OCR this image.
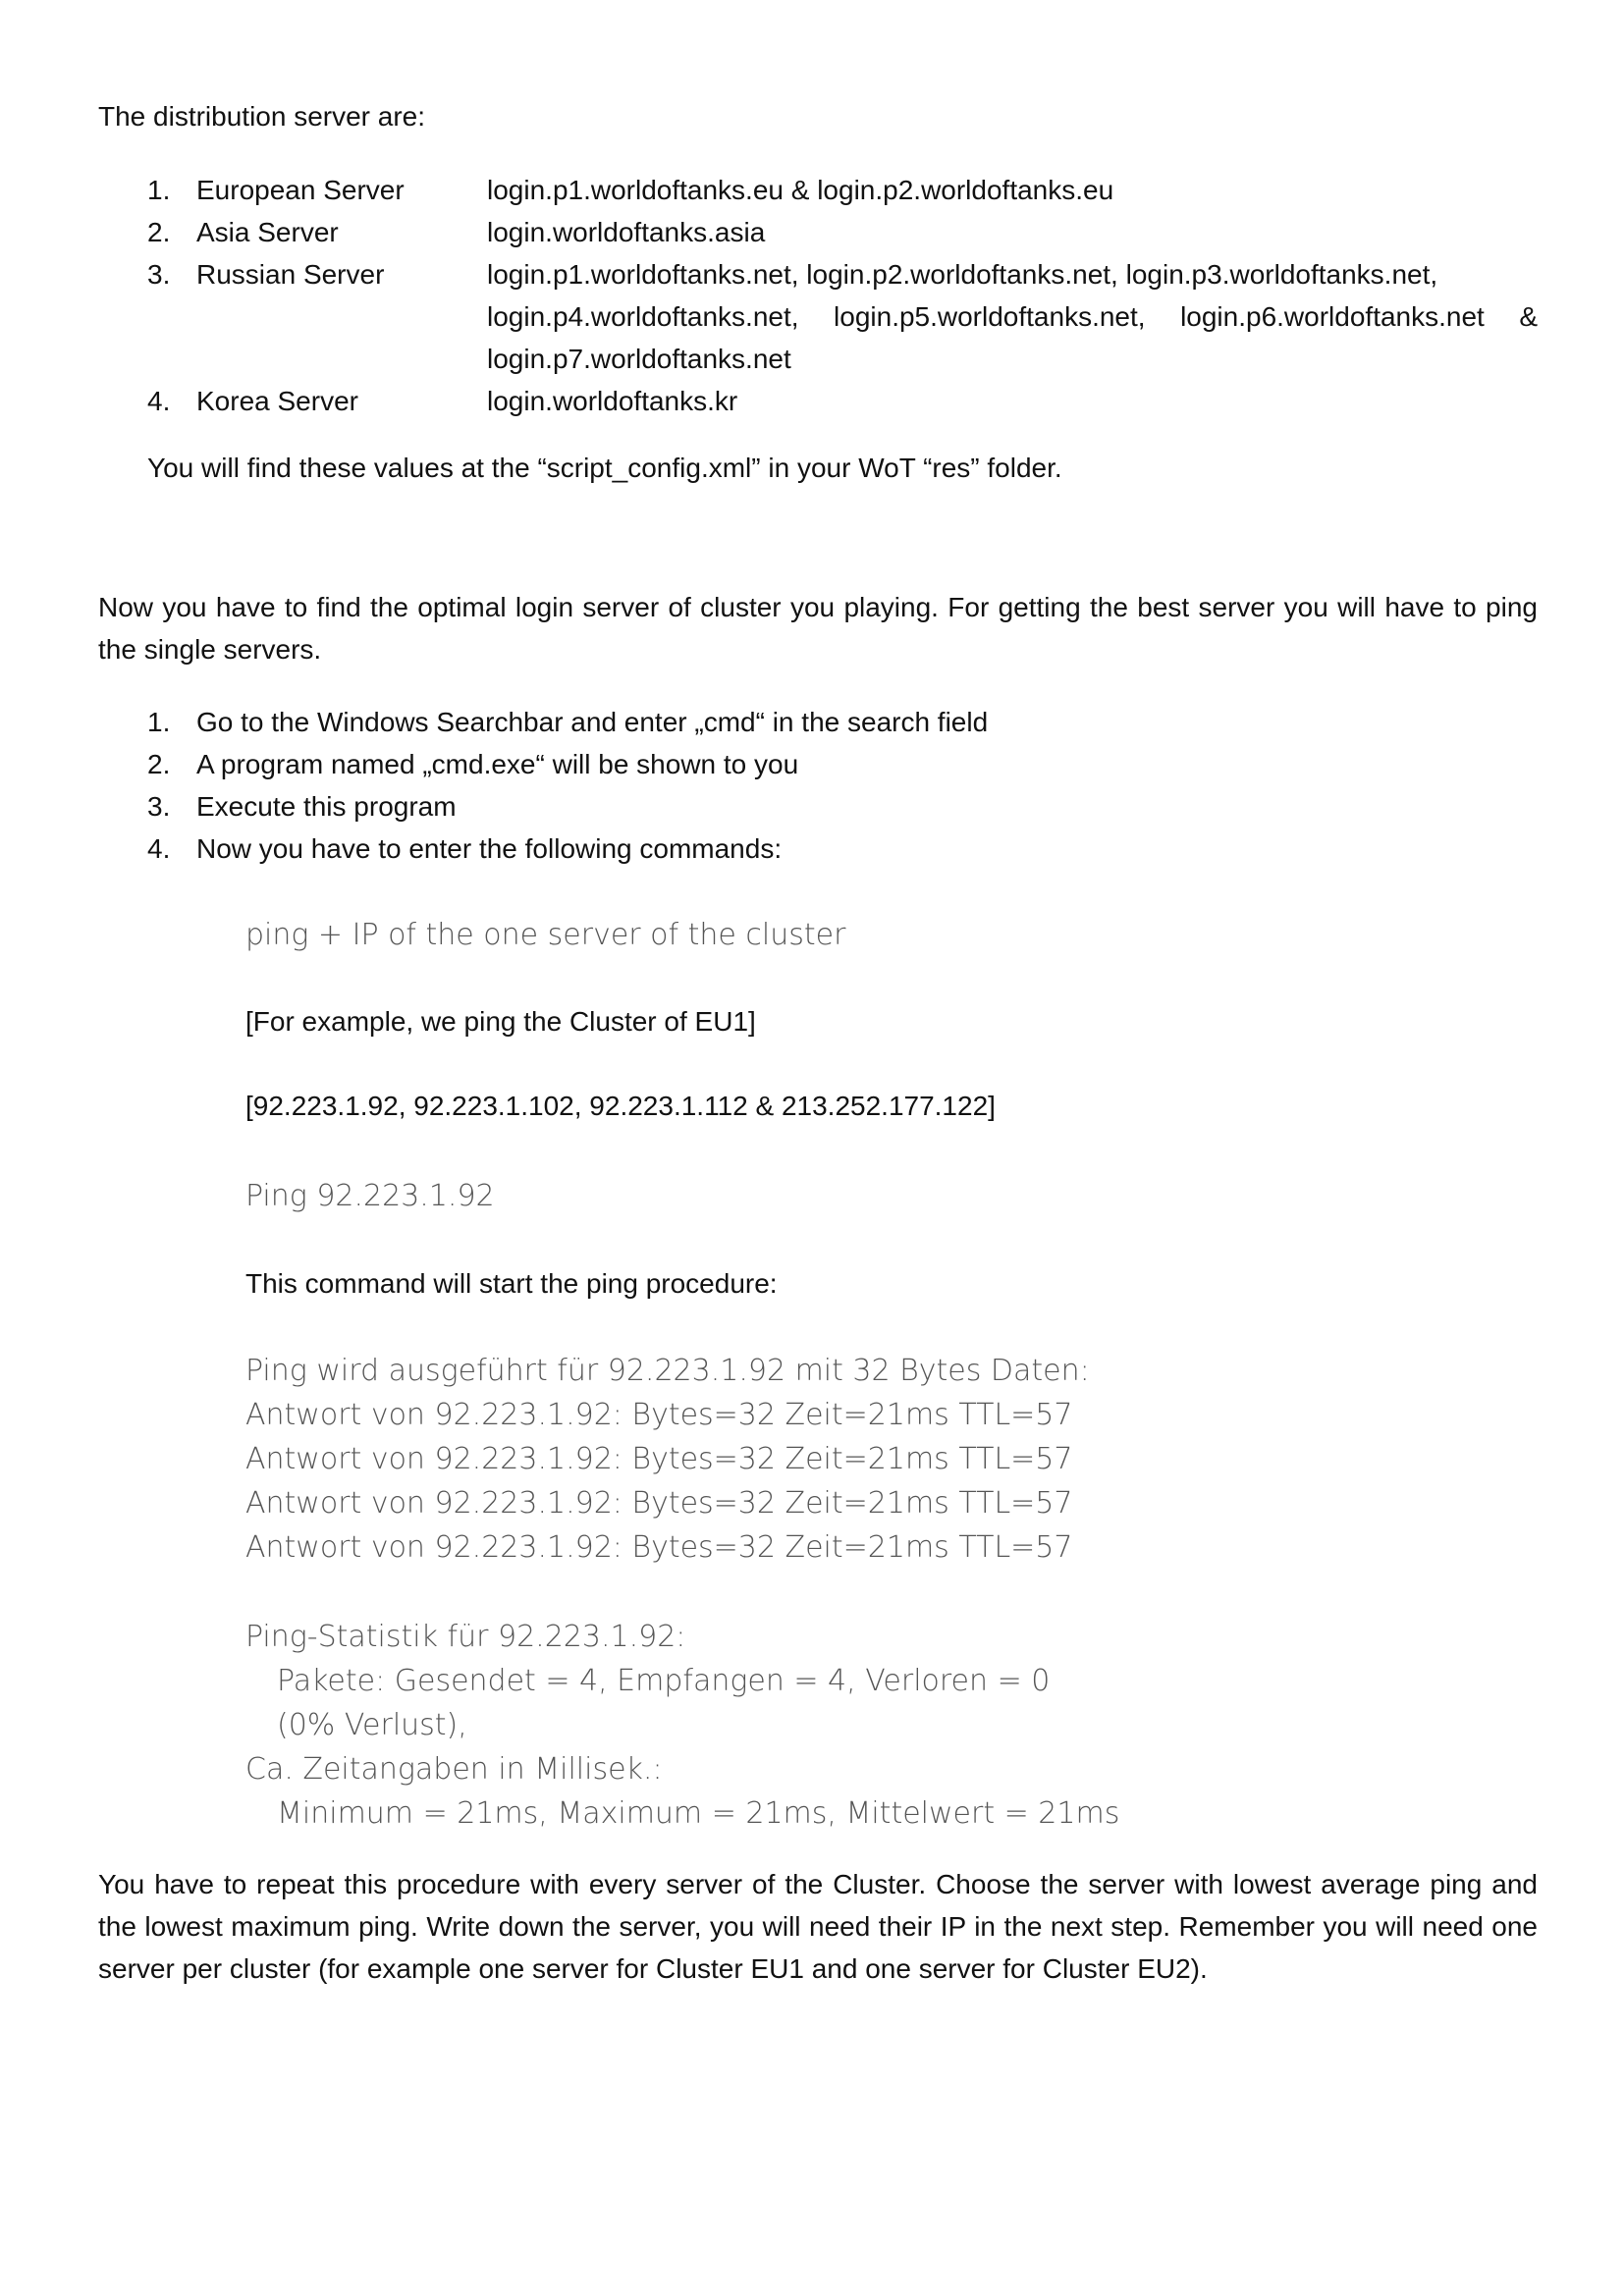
The distribution server are:

1. European Server	login.p1.worldoftanks.eu & login.p2.worldoftanks.eu
2. Asia Server	login.worldoftanks.asia
3. Russian Server	login.p1.worldoftanks.net, login.p2.worldoftanks.net, login.p3.worldoftanks.net,
login.p4.worldoftanks.net, login.p5.worldoftanks.net, login.p6.worldoftanks.net &
login.p7.worldoftanks.net
4. Korea Server	login.worldoftanks.kr

You will find these values at the “script_config.xml” in your WoT “res” folder.

Now you have to find the optimal login server of cluster you playing. For getting the best server you will have to ping the single servers.

1. Go to the Windows Searchbar and enter „cmd“ in the search field
2. A program named „cmd.exe“ will be shown to you
3. Execute this program
4. Now you have to enter the following commands:

ping + IP of the one server of the cluster

[For example, we ping the Cluster of EU1]

[92.223.1.92, 92.223.1.102, 92.223.1.112 & 213.252.177.122]

Ping 92.223.1.92

This command will start the ping procedure:

Ping wird ausgeführt für 92.223.1.92 mit 32 Bytes Daten:

Antwort von 92.223.1.92: Bytes=32 Zeit=21ms TTL=57

Antwort von 92.223.1.92: Bytes=32 Zeit=21ms TTL=57

Antwort von 92.223.1.92: Bytes=32 Zeit=21ms TTL=57

Antwort von 92.223.1.92: Bytes=32 Zeit=21ms TTL=57

Ping-Statistik für 92.223.1.92:

Pakete: Gesendet = 4, Empfangen = 4, Verloren = 0

(0% Verlust),

Ca. Zeitangaben in Millisek.:

Minimum = 21ms, Maximum = 21ms, Mittelwert = 21ms

You have to repeat this procedure with every server of the Cluster. Choose the server with lowest average ping and the lowest maximum ping. Write down the server, you will need their IP in the next step. Remember you will need one server per cluster (for example one server for Cluster EU1 and one server for Cluster EU2).
